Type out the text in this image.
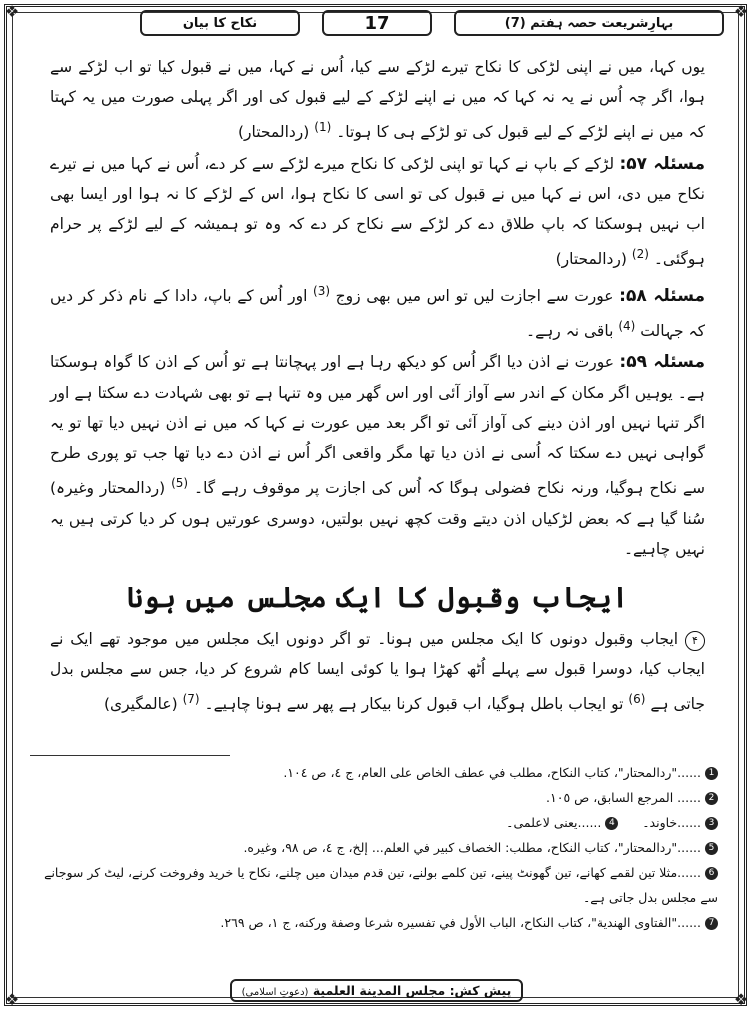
❖	❖
❖	❖
نکاح کا بیان	17	بہارِشریعت حصہ ہفتم (7)

یوں کہا، میں نے اپنی لڑکی کا نکاح تیرے لڑکے سے کیا، اُس نے کہا، میں نے قبول کیا تو اب لڑکے سے ہوا، اگر چہ اُس نے یہ نہ کہا کہ میں نے اپنے لڑکے کے لیے قبول کی اور اگر پہلی صورت میں یہ کہتا کہ میں نے اپنے لڑکے کے لیے قبول کی تو لڑکے ہی کا ہوتا۔ $^{(1)}$ (ردالمحتار)

مسئلہ ۵۷: لڑکے کے باپ نے کہا تو اپنی لڑکی کا نکاح میرے لڑکے سے کر دے، اُس نے کہا میں نے تیرے نکاح میں دی، اس نے کہا میں نے قبول کی تو اسی کا نکاح ہوا، اس کے لڑکے کا نہ ہوا اور ایسا بھی اب نہیں ہوسکتا کہ باپ طلاق دے کر لڑکے سے نکاح کر دے کہ وہ تو ہمیشہ کے لیے لڑکے پر حرام ہوگئی۔ $^{(2)}$ (ردالمحتار)

مسئلہ ۵۸: عورت سے اجازت لیں تو اس میں بھی زوج $^{(3)}$ اور اُس کے باپ، دادا کے نام ذکر کر دیں کہ جہالت $^{(4)}$ باقی نہ رہے۔

مسئلہ ۵۹: عورت نے اذن دیا اگر اُس کو دیکھ رہا ہے اور پہچانتا ہے تو اُس کے اذن کا گواہ ہوسکتا ہے۔ یوہیں اگر مکان کے اندر سے آواز آئی اور اس گھر میں وہ تنہا ہے تو بھی شہادت دے سکتا ہے اور اگر تنہا نہیں اور اذن دینے کی آواز آئی تو اگر بعد میں عورت نے کہا کہ میں نے اذن نہیں دیا تھا تو یہ گواہی نہیں دے سکتا کہ اُسی نے اذن دیا تھا مگر واقعی اگر اُس نے اذن دے دیا تھا جب تو پوری طرح سے نکاح ہوگیا، ورنہ نکاح فضولی ہوگا کہ اُس کی اجازت پر موقوف رہے گا۔ $^{(5)}$ (ردالمحتار وغیرہ) سُنا گیا ہے کہ بعض لڑکیاں اذن دیتے وقت کچھ نہیں بولتیں، دوسری عورتیں ہوں کر دیا کرتی ہیں یہ نہیں چاہیے۔

ایجاب وقبول کا ایک مجلس میں ہونا

۴ ایجاب وقبول دونوں کا ایک مجلس میں ہونا۔ تو اگر دونوں ایک مجلس میں موجود تھے ایک نے ایجاب کیا، دوسرا قبول سے پہلے اُٹھ کھڑا ہوا یا کوئی ایسا کام شروع کر دیا، جس سے مجلس بدل جاتی ہے $^{(6)}$ تو ایجاب باطل ہوگیا، اب قبول کرنا بیکار ہے پھر سے ہونا چاہیے۔ $^{(7)}$ (عالمگیری)

1......"ردالمحتار"، كتاب النكاح، مطلب في عطف الخاص على العام، ج ٤، ص ١٠٤.

2...... المرجع السابق، ص ١٠٥.

3......خاوند۔      4......یعنی لاعلمی۔

5......"ردالمحتار"، كتاب النكاح، مطلب: الخصاف كبير في العلم... إلخ، ج ٤، ص ٩٨، وغيره.

6......مثلا تین لقمے کھانے، تین گھونٹ پینے، تین کلمے بولنے، تین قدم میدان میں چلنے، نکاح یا خرید وفروخت کرنے، لیٹ کر سوجانے سے مجلس بدل جاتی ہے۔

7......"الفتاوى الهندية"، كتاب النكاح، الباب الأول في تفسيره شرعا وصفة وركنه، ج ١، ص ٢٦٩.

پیش کش: مجلس المدينة العلمية (دعوتِ اسلامی)
